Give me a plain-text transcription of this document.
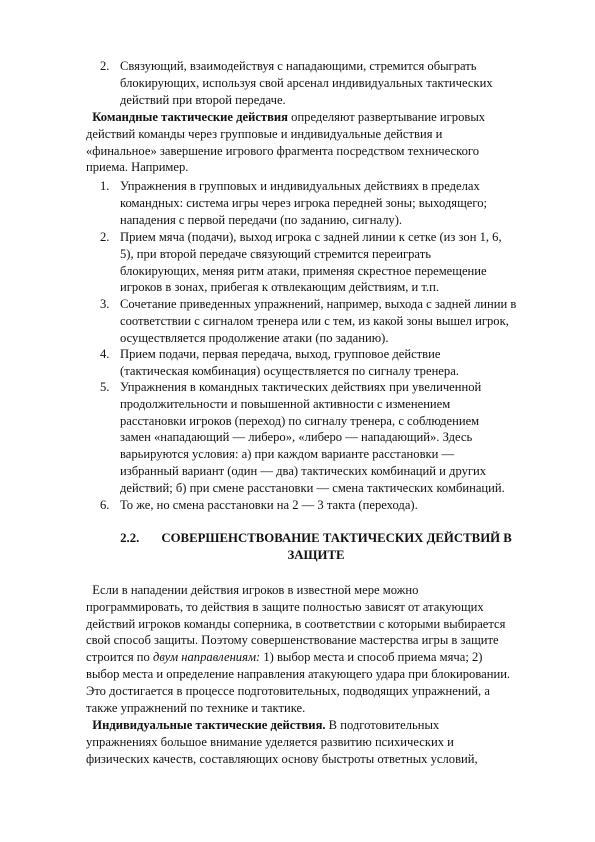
2. Связующий, взаимодействуя с нападающими, стремится обыграть
блокирующих, используя свой арсенал индивидуальных тактических
действий при второй передаче.
Командные тактические действия определяют развертывание игровых
действий команды через групповые и индивидуальные действия и
«финальное» завершение игрового фрагмента посредством технического
приема. Например.
1. Упражнения в групповых и индивидуальных действиях в пределах
командных: система игры через игрока передней зоны; выходящего;
нападения с первой передачи (по заданию, сигналу).
2. Прием мяча (подачи), выход игрока с задней линии к сетке (из зон 1, 6,
5), при второй передаче связующий стремится переиграть
блокирующих, меняя ритм атаки, применяя скрестное перемещение
игроков в зонах, прибегая к отвлекающим действиям, и т.п.
3. Сочетание приведенных упражнений, например, выхода с задней линии в
соответствии с сигналом тренера или с тем, из какой зоны вышел игрок,
осуществляется продолжение атаки (по заданию).
4. Прием подачи, первая передача, выход, групповое действие
(тактическая комбинация) осуществляется по сигналу тренера.
5. Упражнения в командных тактических действиях при увеличенной
продолжительности и повышенной активности с изменением
расстановки игроков (переход) по сигналу тренера, с соблюдением
замен «нападающий — либеро», «либеро — нападающий». Здесь
варьируются условия: а) при каждом варианте расстановки —
избранный вариант (один — два) тактических комбинаций и других
действий; б) при смене расстановки — смена тактических комбинаций.
6. То же, но смена расстановки на 2 — 3 такта (перехода).
2.2. СОВЕРШЕНСТВОВАНИЕ ТАКТИЧЕСКИХ ДЕЙСТВИЙ В
ЗАЩИТЕ
Если в нападении действия игроков в известной мере можно
программировать, то действия в защите полностью зависят от атакующих
действий игроков команды соперника, в соответствии с которыми выбирается
свой способ защиты. Поэтому совершенствование мастерства игры в защите
строится по двум направлениям: 1) выбор места и способ приема мяча; 2)
выбор места и определение направления атакующего удара при блокировании.
Это достигается в процессе подготовительных, подводящих упражнений, а
также упражнений по технике и тактике.
Индивидуальные тактические действия. В подготовительных
упражнениях большое внимание уделяется развитию психических и
физических качеств, составляющих основу быстроты ответных условий,
